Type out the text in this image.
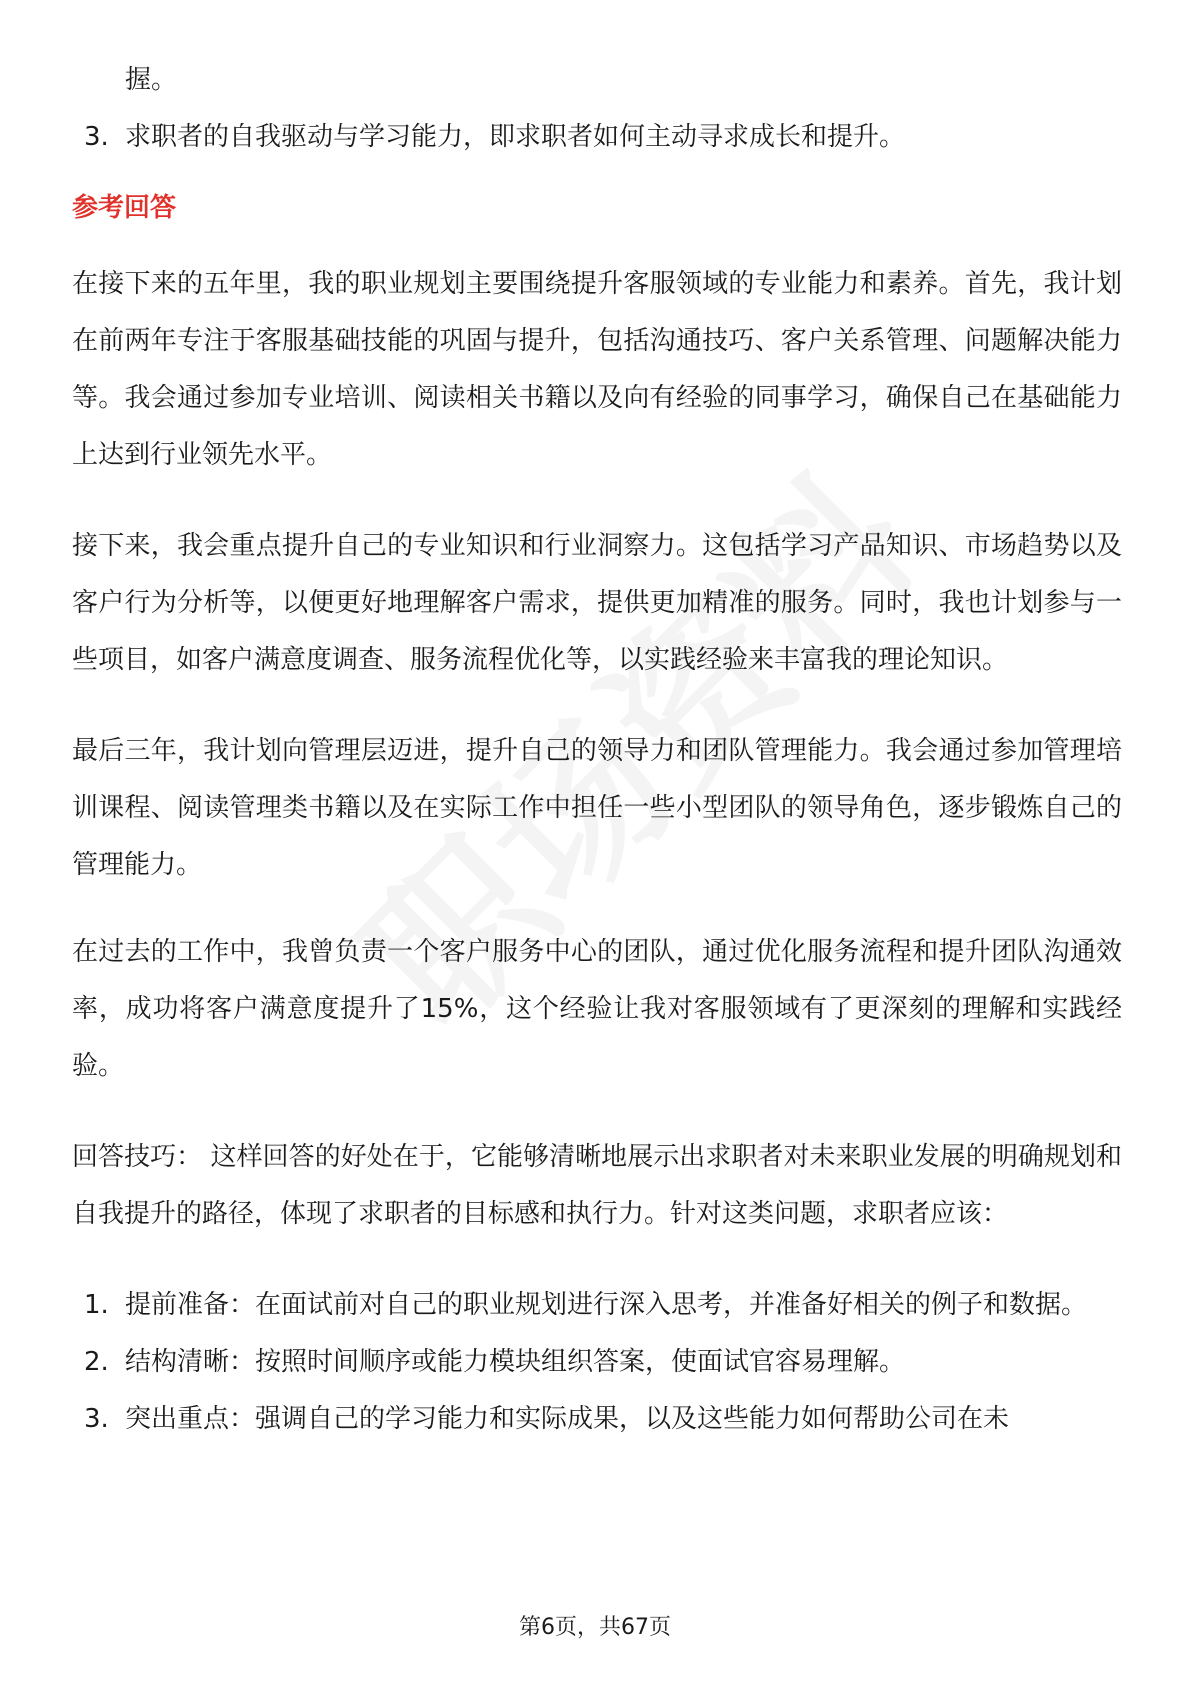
握。
3. 求职者的自我驱动与学习能力，即求职者如何主动寻求成长和提升。
参考回答

在接下来的五年里，我的职业规划主要围绕提升客服领域的专业能力和素养。首先，我计划在前两年专注于客服基础技能的巩固与提升，包括沟通技巧、客户关系管理、问题解决能力等。我会通过参加专业培训、阅读相关书籍以及向有经验的同事学习，确保自己在基础能力上达到行业领先水平。

接下来，我会重点提升自己的专业知识和行业洞察力。这包括学习产品知识、市场趋势以及客户行为分析等，以便更好地理解客户需求，提供更加精准的服务。同时，我也计划参与一些项目，如客户满意度调查、服务流程优化等，以实践经验来丰富我的理论知识。

最后三年，我计划向管理层迈进，提升自己的领导力和团队管理能力。我会通过参加管理培训课程、阅读管理类书籍以及在实际工作中担任一些小型团队的领导角色，逐步锻炼自己的管理能力。

在过去的工作中，我曾负责一个客户服务中心的团队，通过优化服务流程和提升团队沟通效率，成功将客户满意度提升了15%，这个经验让我对客服领域有了更深刻的理解和实践经验。

回答技巧： 这样回答的好处在于，它能够清晰地展示出求职者对未来职业发展的明确规划和自我提升的路径，体现了求职者的目标感和执行力。针对这类问题，求职者应该：

1. 提前准备：在面试前对自己的职业规划进行深入思考，并准备好相关的例子和数据。
2. 结构清晰：按照时间顺序或能力模块组织答案，使面试官容易理解。
3. 突出重点：强调自己的学习能力和实际成果，以及这些能力如何帮助公司在未
第6页，共67页
